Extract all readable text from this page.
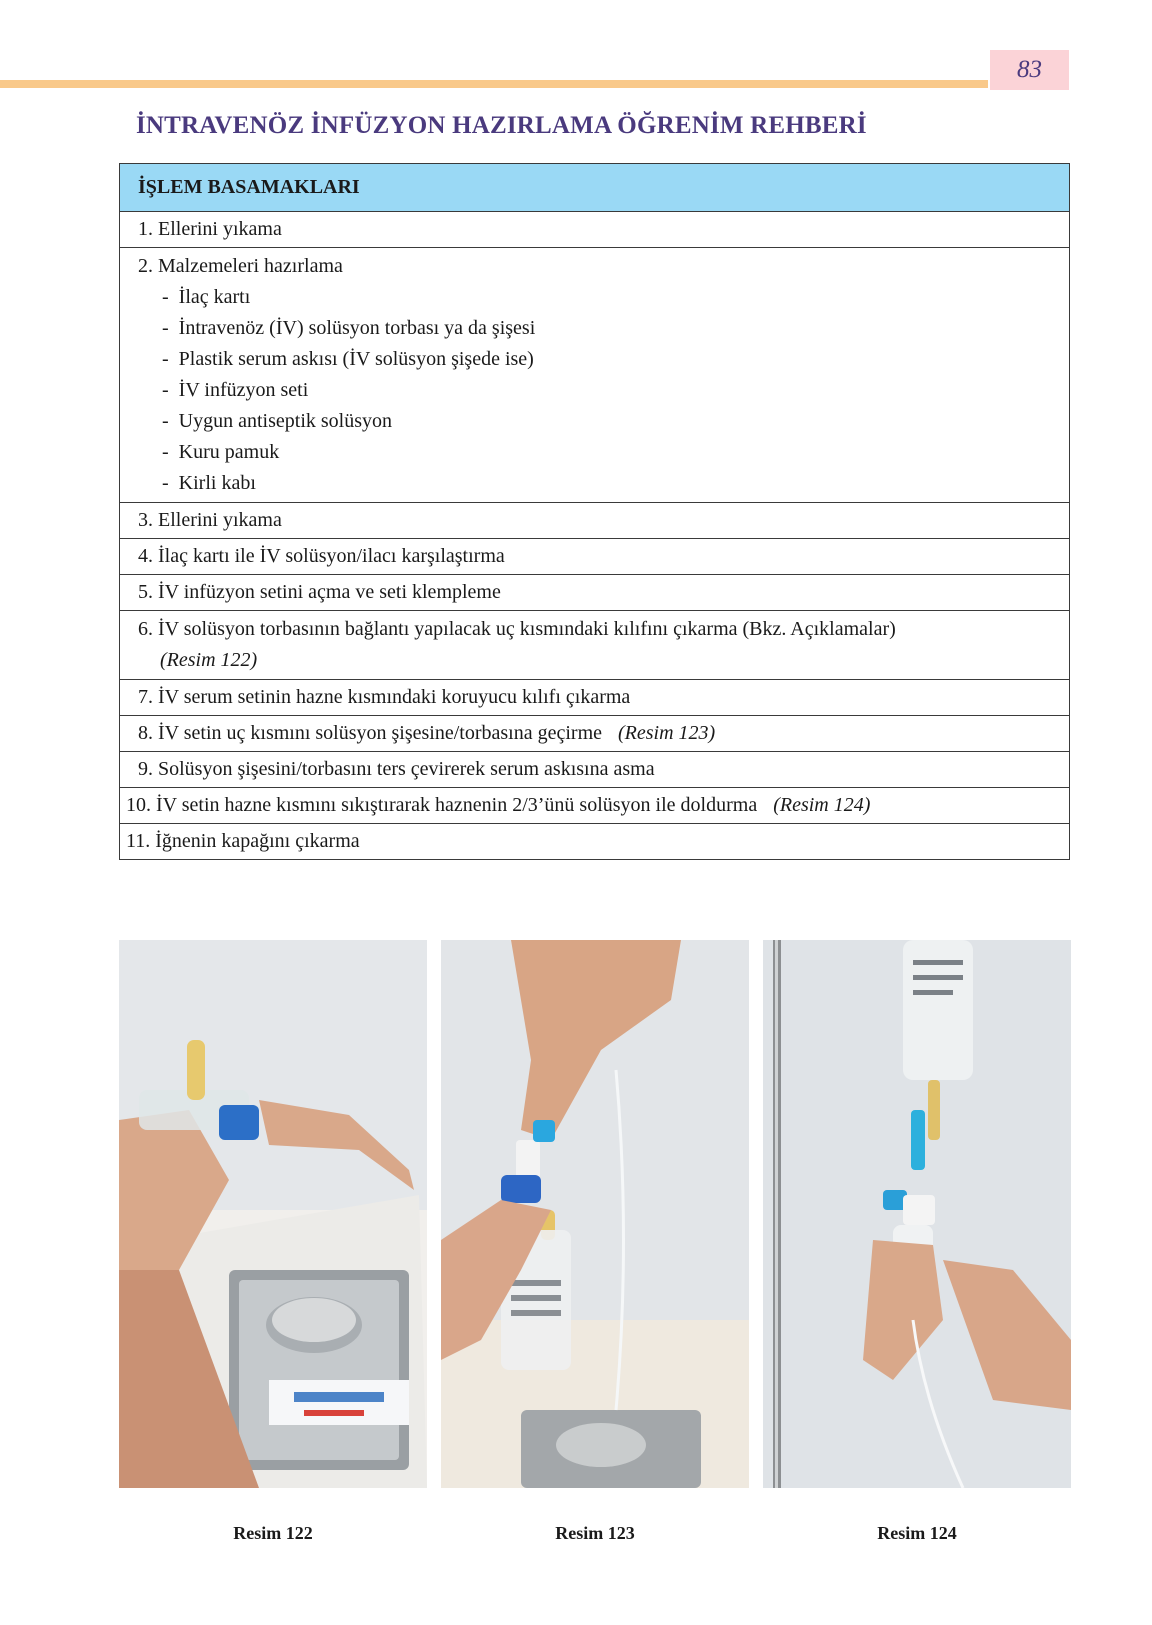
83
İNTRAVENÖZ İNFÜZYON HAZIRLAMA ÖĞRENİM REHBERİ
İŞLEM BASAMAKLARI
1. Ellerini yıkama
2. Malzemeleri hazırlama
- İlaç kartı
- İntravenöz (İV) solüsyon torbası ya da şişesi
- Plastik serum askısı (İV solüsyon şişede ise)
- İV infüzyon seti
- Uygun antiseptik solüsyon
- Kuru pamuk
- Kirli kabı

3. Ellerini yıkama
4. İlaç kartı ile İV solüsyon/ilacı karşılaştırma
5. İV infüzyon setini açma ve seti klempleme
6. İV solüsyon torbasının bağlantı yapılacak uç kısmındaki kılıfını çıkarma (Bkz. Açıklamalar)
(Resim 122)

7. İV serum setinin hazne kısmındaki koruyucu kılıfı çıkarma
8. İV setin uç kısmını solüsyon şişesine/torbasına geçirme (Resim 123)
9. Solüsyon şişesini/torbasını ters çevirerek serum askısına asma
10. İV setin hazne kısmını sıkıştırarak haznenin 2/3’ünü solüsyon ile doldurma (Resim 124)
11. İğnenin kapağını çıkarma
Resim 122	Resim 123	Resim 124
